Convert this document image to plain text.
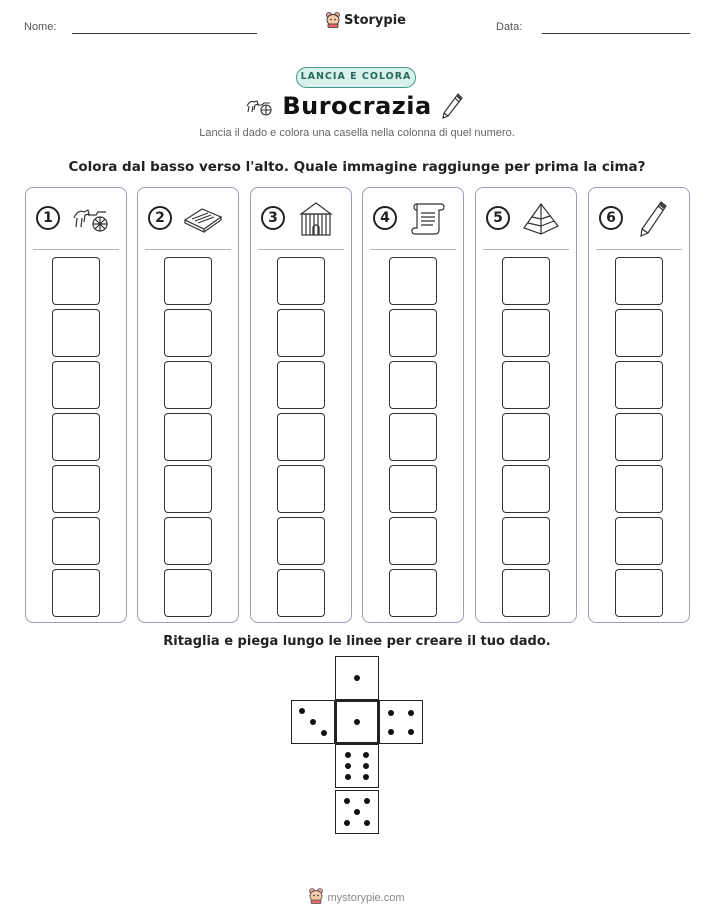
Nome:	Storypie	Data:
LANCIA E COLORA
Burocrazia
Lancia il dado e colora una casella nella colonna di quel numero.
Colora dal basso verso l'alto. Quale immagine raggiunge per prima la cima?
1	2	3	4	5	6
Ritaglia e piega lungo le linee per creare il tuo dado.
mystorypie.com
